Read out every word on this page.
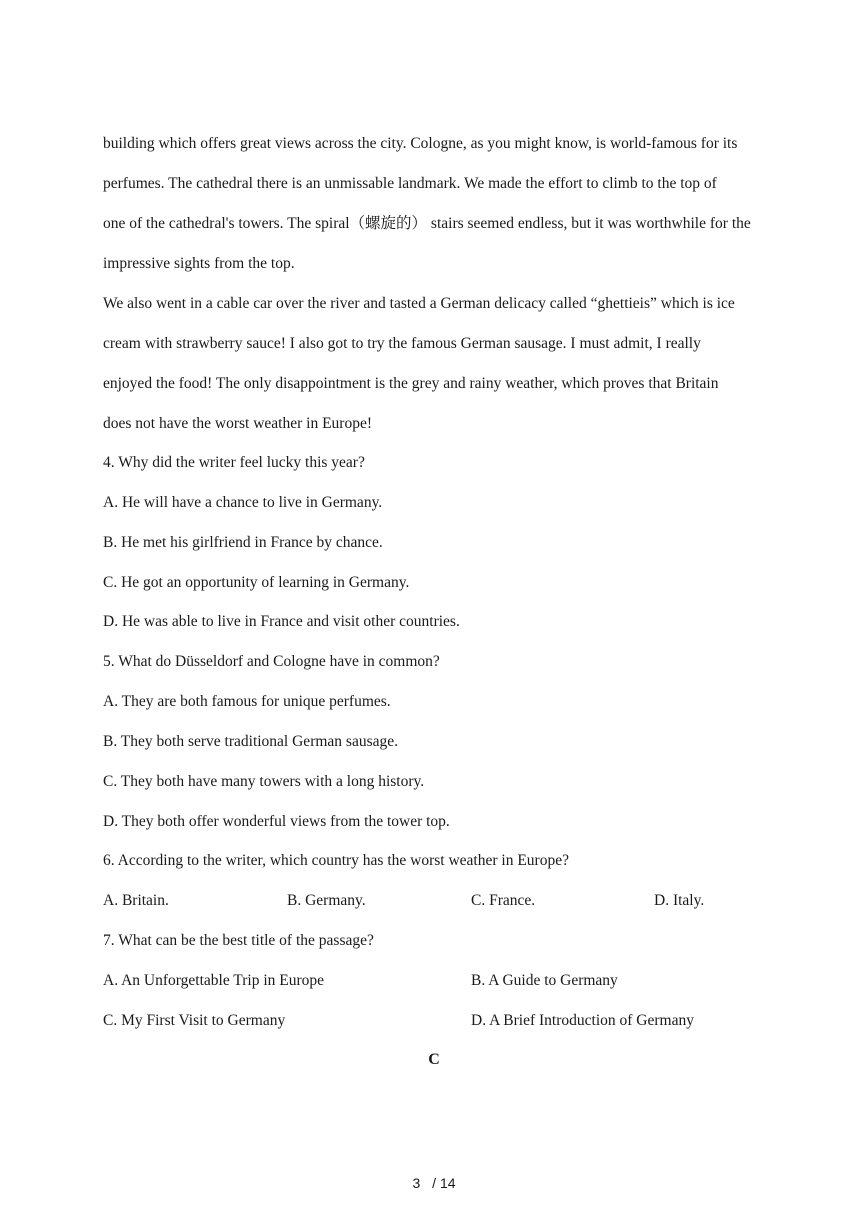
building which offers great views across the city. Cologne, as you might know, is world-famous for its
perfumes. The cathedral there is an unmissable landmark. We made the effort to climb to the top of
one of the cathedral's towers. The spiral（螺旋的） stairs seemed endless, but it was worthwhile for the
impressive sights from the top.
We also went in a cable car over the river and tasted a German delicacy called “ghettieis” which is ice
cream with strawberry sauce! I also got to try the famous German sausage. I must admit, I really
enjoyed the food! The only disappointment is the grey and rainy weather, which proves that Britain
does not have the worst weather in Europe!
4. Why did the writer feel lucky this year?
A. He will have a chance to live in Germany.
B. He met his girlfriend in France by chance.
C. He got an opportunity of learning in Germany.
D. He was able to live in France and visit other countries.
5. What do Düsseldorf and Cologne have in common?
A. They are both famous for unique perfumes.
B. They both serve traditional German sausage.
C. They both have many towers with a long history.
D. They both offer wonderful views from the tower top.
6. According to the writer, which country has the worst weather in Europe?
A. Britain.	B. Germany.	C. France.	D. Italy.
7. What can be the best title of the passage?
A. An Unforgettable Trip in Europe	B. A Guide to Germany
C. My First Visit to Germany	D. A Brief Introduction of Germany
C
3 / 14
